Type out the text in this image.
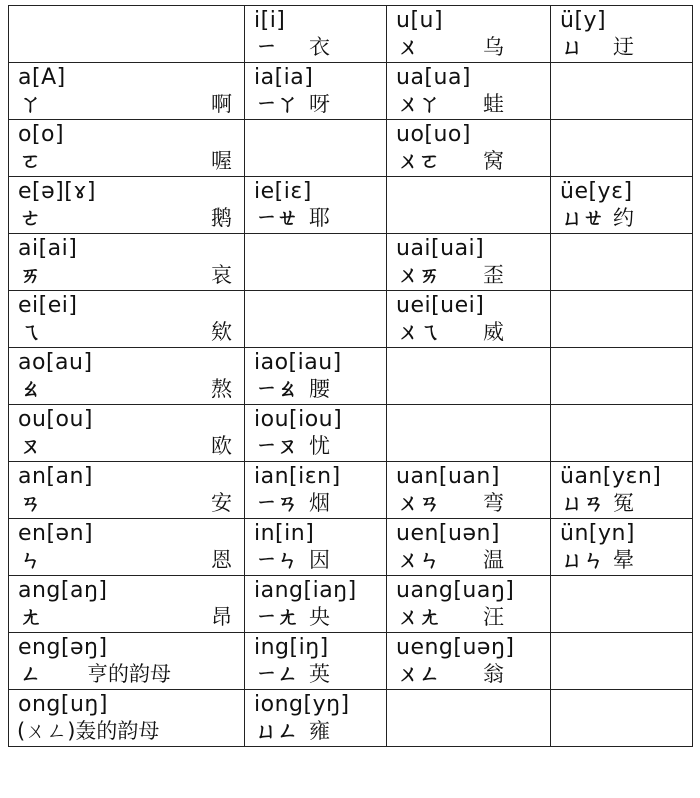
	i[i]
ㄧ 衣	u[u]
ㄨ 乌	ü[y]
ㄩ 迂

a[A]
ㄚ 啊	ia[ia]
ㄧㄚ 呀	ua[ua]
ㄨㄚ 蛙	

o[o]
ㄛ 喔		uo[uo]
ㄨㄛ 窝	

e[ə][ɤ]
ㄜ 鹅	ie[iɛ]
ㄧㄝ 耶		üe[yɛ]
ㄩㄝ 约

ai[ai]
ㄞ 哀		uai[uai]
ㄨㄞ 歪	

ei[ei]
ㄟ 欸		uei[uei]
ㄨㄟ 威	

ao[au]
ㄠ 熬	iao[iau]
ㄧㄠ 腰		

ou[ou]
ㄡ 欧	iou[iou]
ㄧㄡ 忧		

an[an]
ㄢ 安	ian[iɛn]
ㄧㄢ 烟	uan[uan]
ㄨㄢ 弯	üan[yɛn]
ㄩㄢ 冤

en[ən]
ㄣ 恩	in[in]
ㄧㄣ 因	uen[uən]
ㄨㄣ 温	ün[yn]
ㄩㄣ 晕

ang[aŋ]
ㄤ 昂	iang[iaŋ]
ㄧㄤ 央	uang[uaŋ]
ㄨㄤ 汪	

eng[əŋ]
ㄥ 亨的韵母	ing[iŋ]
ㄧㄥ 英	ueng[uəŋ]
ㄨㄥ 翁	

ong[uŋ]
(ㄨㄥ)轰的韵母	iong[yŋ]
ㄩㄥ 雍		
